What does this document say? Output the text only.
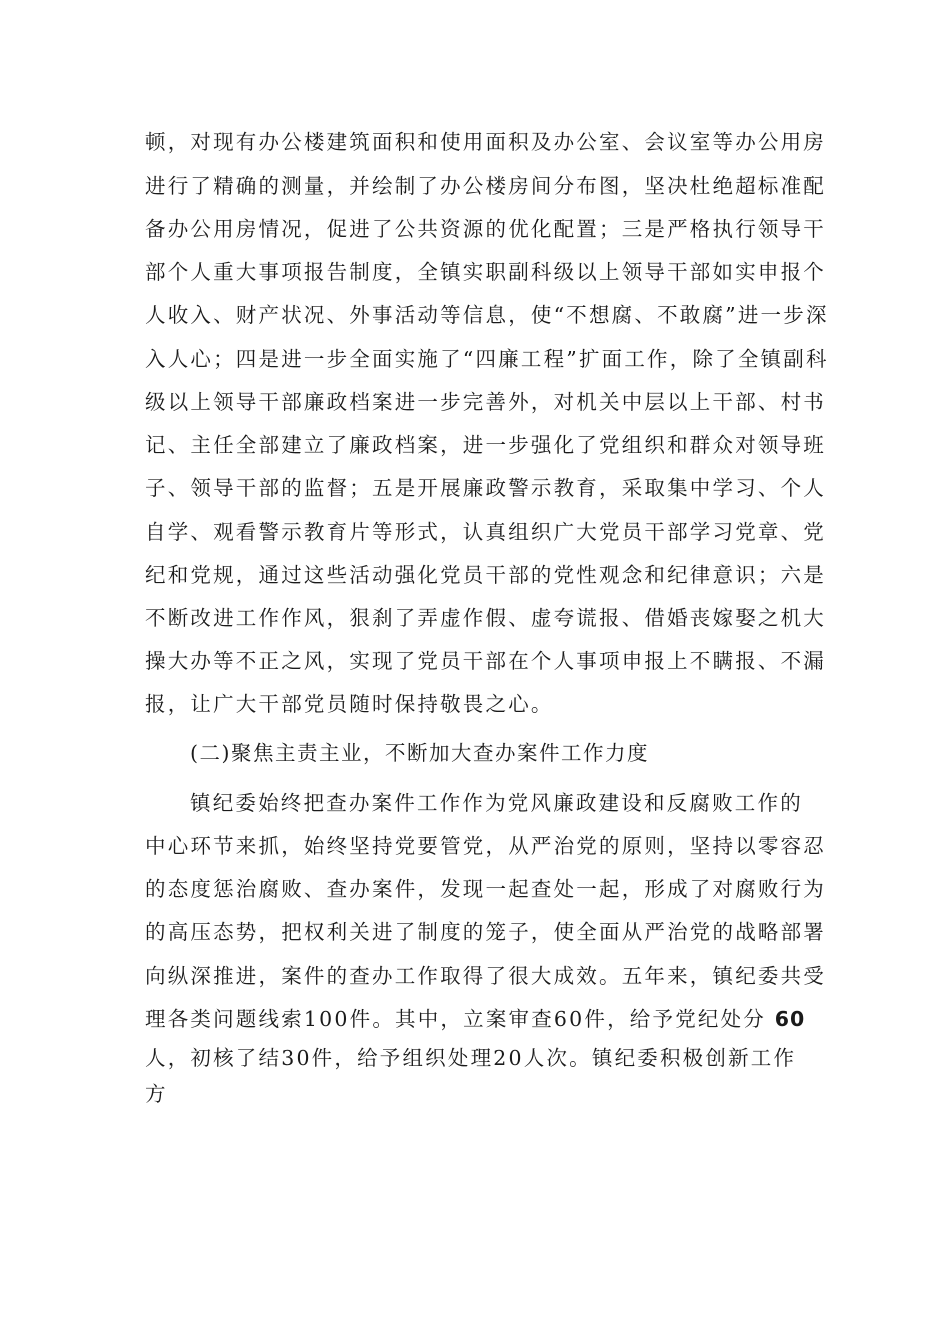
顿，对现有办公楼建筑面积和使用面积及办公室、会议室等办公用房
进行了精确的测量，并绘制了办公楼房间分布图，坚决杜绝超标准配
备办公用房情况，促进了公共资源的优化配置；三是严格执行领导干
部个人重大事项报告制度，全镇实职副科级以上领导干部如实申报个
人收入、财产状况、外事活动等信息，使“不想腐、不敢腐”进一步深
入人心；四是进一步全面实施了“四廉工程”扩面工作，除了全镇副科
级以上领导干部廉政档案进一步完善外，对机关中层以上干部、村书
记、主任全部建立了廉政档案，进一步强化了党组织和群众对领导班
子、领导干部的监督；五是开展廉政警示教育，采取集中学习、个人
自学、观看警示教育片等形式，认真组织广大党员干部学习党章、党
纪和党规，通过这些活动强化党员干部的党性观念和纪律意识；六是
不断改进工作作风，狠刹了弄虚作假、虚夸谎报、借婚丧嫁娶之机大
操大办等不正之风，实现了党员干部在个人事项申报上不瞒报、不漏
报，让广大干部党员随时保持敬畏之心。
(二)聚焦主责主业，不断加大查办案件工作力度
镇纪委始终把查办案件工作作为党风廉政建设和反腐败工作的
中心环节来抓，始终坚持党要管党，从严治党的原则，坚持以零容忍
的态度惩治腐败、查办案件，发现一起查处一起，形成了对腐败行为
的高压态势，把权利关进了制度的笼子，使全面从严治党的战略部署
向纵深推进，案件的查办工作取得了很大成效。五年来，镇纪委共受
理各类问题线索100件。其中，立案审查60件，给予党纪处分 60
人，初核了结30件，给予组织处理20人次。镇纪委积极创新工作
方
